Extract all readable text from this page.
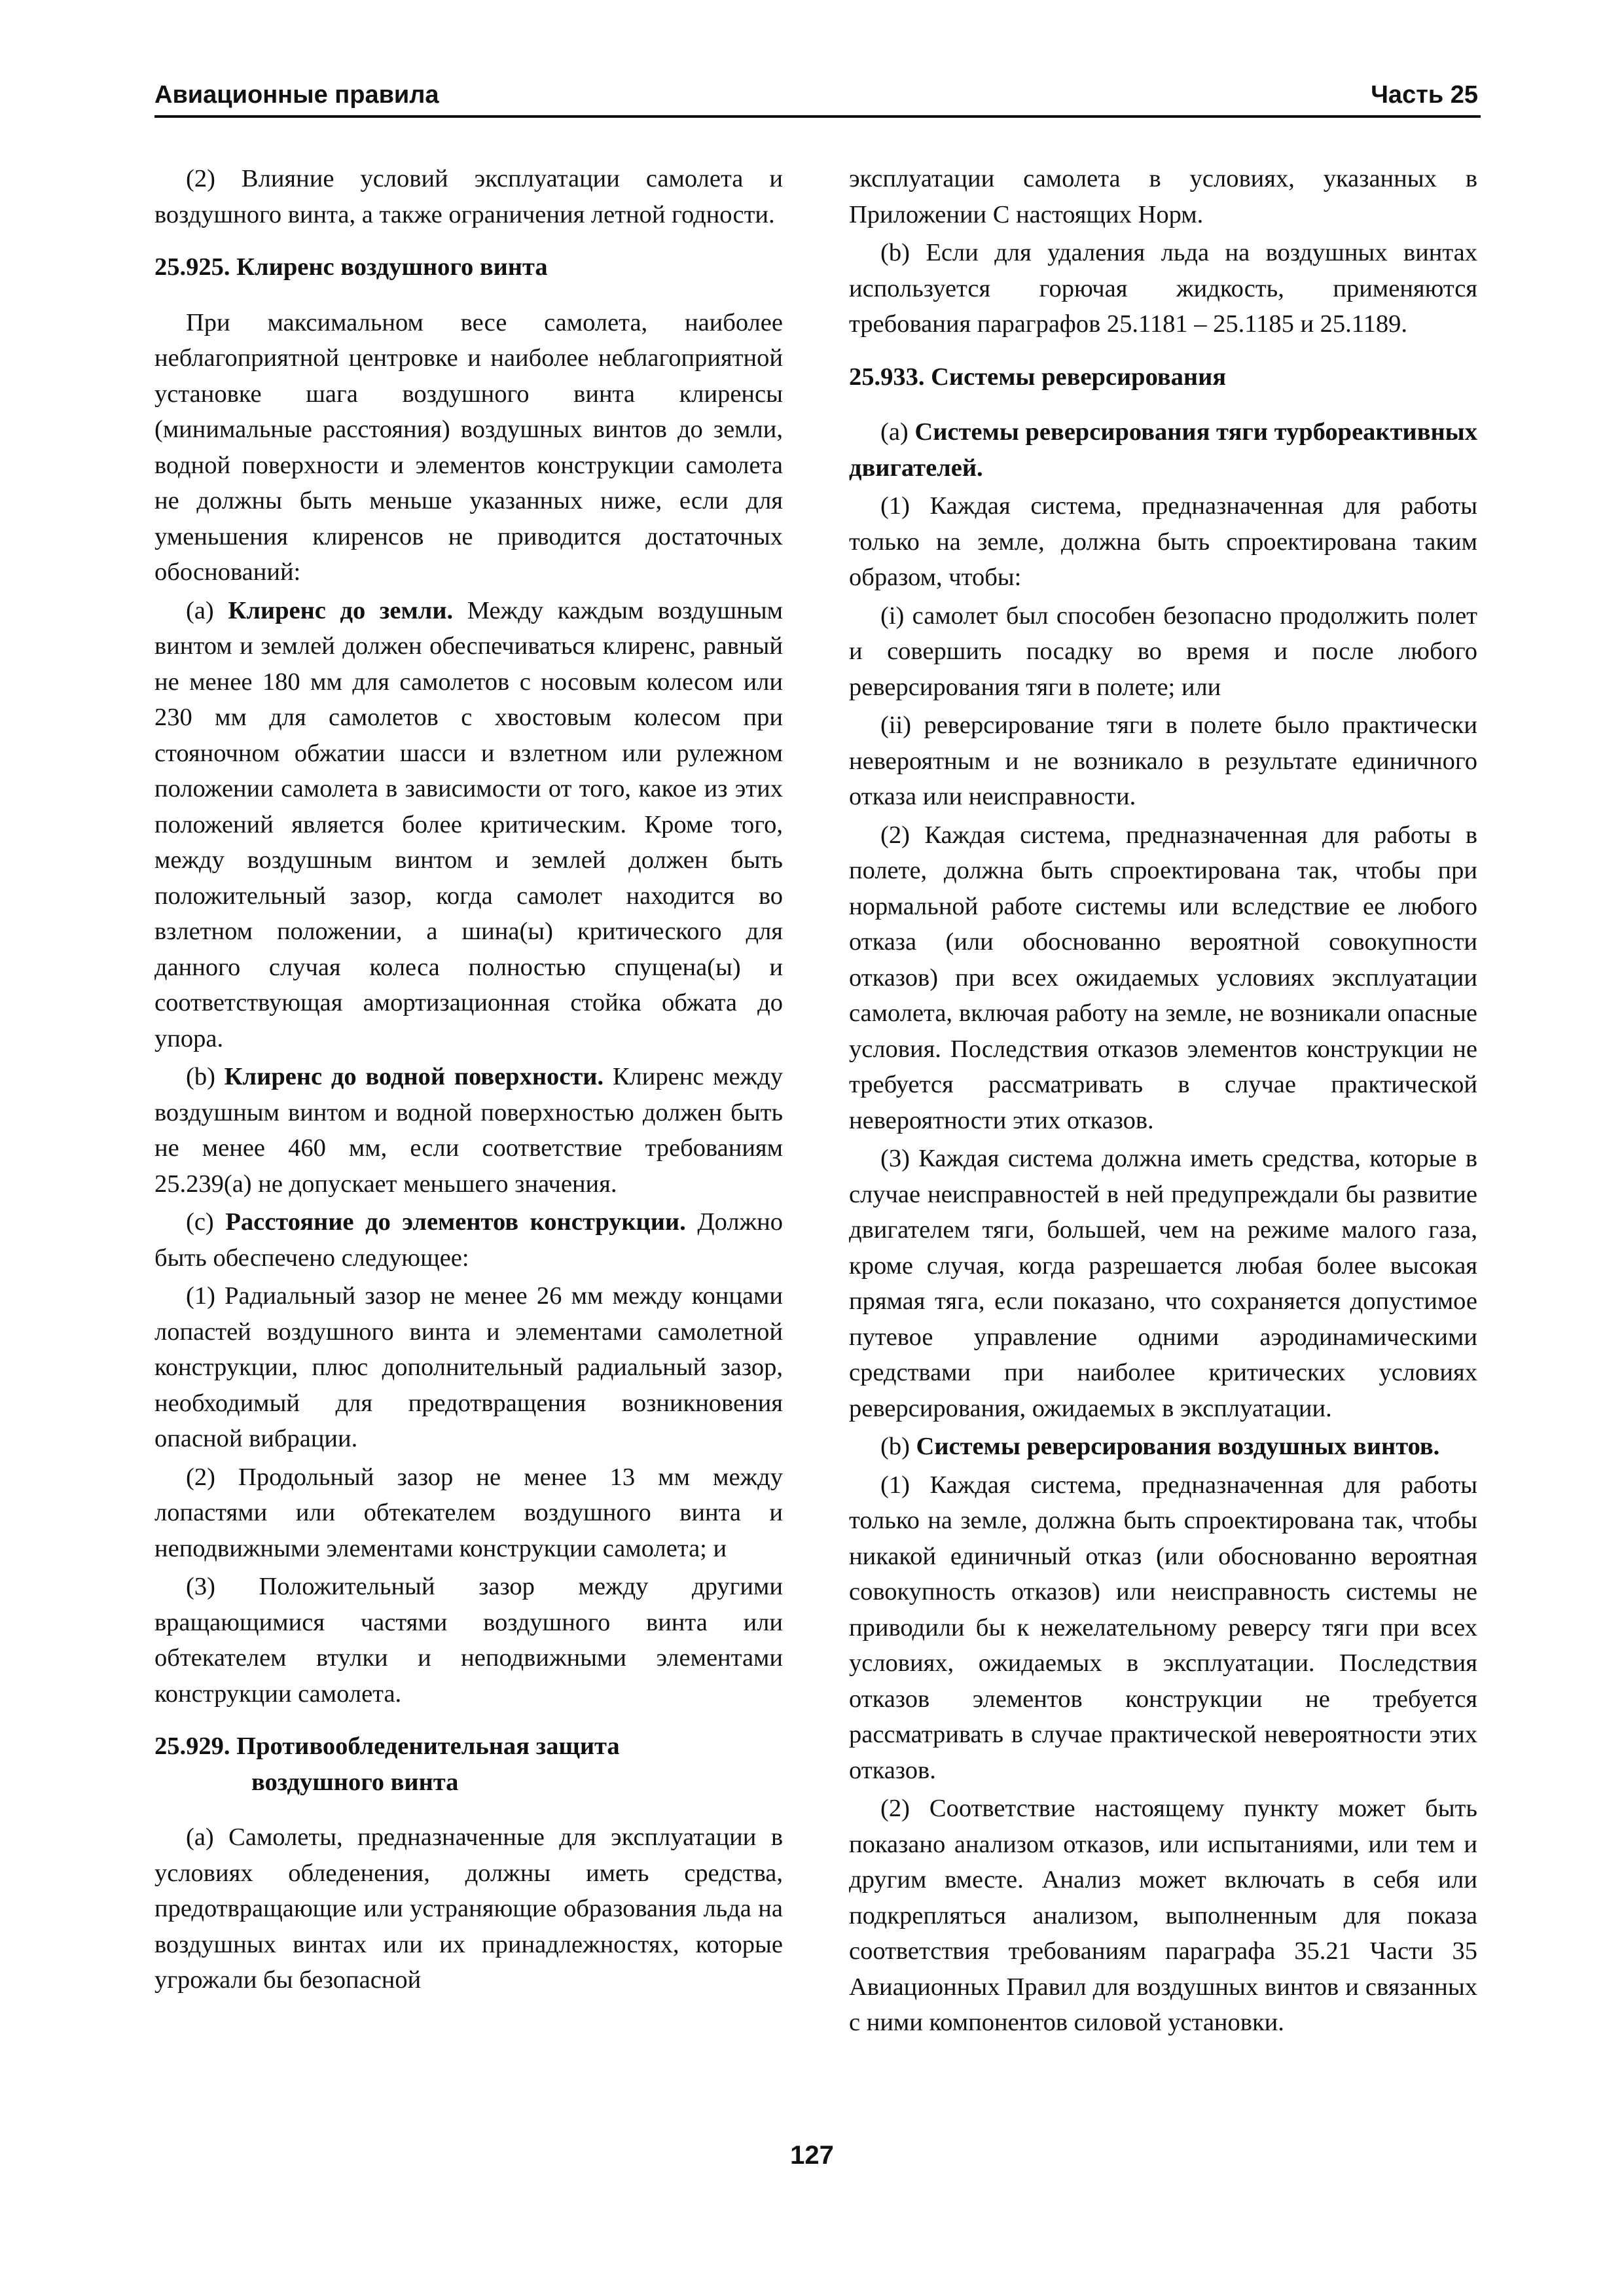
Авиационные правила	Часть 25

(2) Влияние условий эксплуатации самолета и воздушного винта, а также ограничения летной годности.

25.925. Клиренс воздушного винта

При максимальном весе самолета, наиболее неблагоприятной центровке и наиболее неблагоприятной установке шага воздушного винта клиренсы (минимальные расстояния) воздушных винтов до земли, водной поверхности и элементов конструкции самолета не должны быть меньше указанных ниже, если для уменьшения клиренсов не приводится достаточных обоснований:

(a) Клиренс до земли. Между каждым воздушным винтом и землей должен обеспечиваться клиренс, равный не менее 180 мм для самолетов с носовым колесом или 230 мм для самолетов с хвостовым колесом при стояночном обжатии шасси и взлетном или рулежном положении самолета в зависимости от того, какое из этих положений является более критическим. Кроме того, между воздушным винтом и землей должен быть положительный зазор, когда самолет находится во взлетном положении, а шина(ы) критического для данного случая колеса полностью спущена(ы) и соответствующая амортизационная стойка обжата до упора.

(b) Клиренс до водной поверхности. Клиренс между воздушным винтом и водной поверхностью должен быть не менее 460 мм, если соответствие требованиям 25.239(a) не допускает меньшего значения.

(c) Расстояние до элементов конструкции. Должно быть обеспечено следующее:

(1) Радиальный зазор не менее 26 мм между концами лопастей воздушного винта и элементами самолетной конструкции, плюс дополнительный радиальный зазор, необходимый для предотвращения возникновения опасной вибрации.

(2) Продольный зазор не менее 13 мм между лопастями или обтекателем воздушного винта и неподвижными элементами конструкции самолета; и

(3) Положительный зазор между другими вращающимися частями воздушного винта или обтекателем втулки и неподвижными элементами конструкции самолета.

25.929. Противообледенительная защита
воздушного винта

(a) Самолеты, предназначенные для эксплуатации в условиях обледенения, должны иметь средства, предотвращающие или устраняющие образования льда на воздушных винтах или их принадлежностях, которые угрожали бы безопасной

эксплуатации самолета в условиях, указанных в Приложении С настоящих Норм.

(b) Если для удаления льда на воздушных винтах используется горючая жидкость, применяются требования параграфов 25.1181 – 25.1185 и 25.1189.

25.933. Системы реверсирования

(a) Системы реверсирования тяги турбореактивных двигателей.

(1) Каждая система, предназначенная для работы только на земле, должна быть спроектирована таким образом, чтобы:

(i) самолет был способен безопасно продолжить полет и совершить посадку во время и после любого реверсирования тяги в полете; или

(ii) реверсирование тяги в полете было практически невероятным и не возникало в результате единичного отказа или неисправности.

(2) Каждая система, предназначенная для работы в полете, должна быть спроектирована так, чтобы при нормальной работе системы или вследствие ее любого отказа (или обоснованно вероятной совокупности отказов) при всех ожидаемых условиях эксплуатации самолета, включая работу на земле, не возникали опасные условия. Последствия отказов элементов конструкции не требуется рассматривать в случае практической невероятности этих отказов.

(3) Каждая система должна иметь средства, которые в случае неисправностей в ней предупреждали бы развитие двигателем тяги, большей, чем на режиме малого газа, кроме случая, когда разрешается любая более высокая прямая тяга, если показано, что сохраняется допустимое путевое управление одними аэродинамическими средствами при наиболее критических условиях реверсирования, ожидаемых в эксплуатации.

(b) Системы реверсирования воздушных винтов.

(1) Каждая система, предназначенная для работы только на земле, должна быть спроектирована так, чтобы никакой единичный отказ (или обоснованно вероятная совокупность отказов) или неисправность системы не приводили бы к нежелательному реверсу тяги при всех условиях, ожидаемых в эксплуатации. Последствия отказов элементов конструкции не требуется рассматривать в случае практической невероятности этих отказов.

(2) Соответствие настоящему пункту может быть показано анализом отказов, или испытаниями, или тем и другим вместе. Анализ может включать в себя или подкрепляться анализом, выполненным для показа соответствия требованиям параграфа 35.21 Части 35 Авиационных Правил для воздушных винтов и связанных с ними компонентов силовой установки.

127
